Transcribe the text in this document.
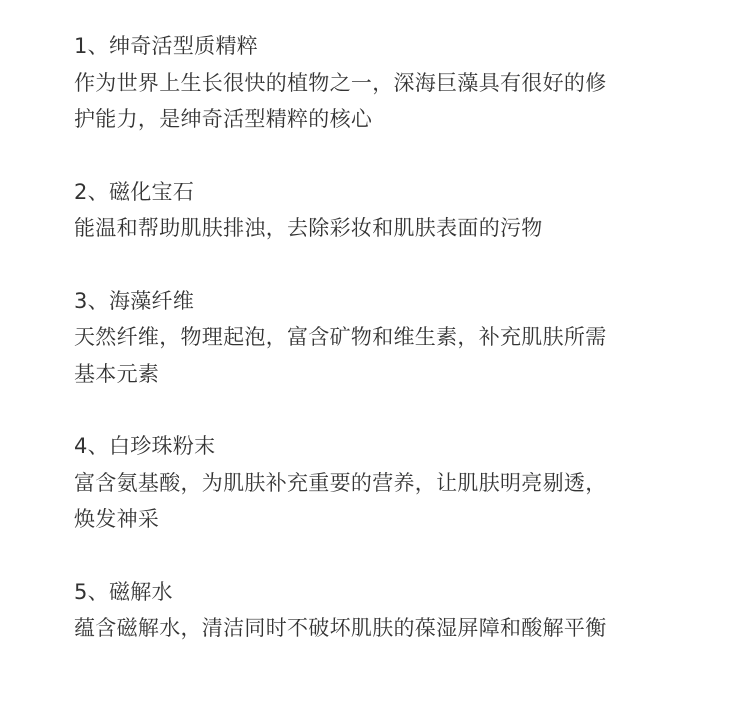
1、绅奇活型质精粹

作为世界上生长很快的植物之一，深海巨藻具有很好的修
护能力，是绅奇活型精粹的核心

2、磁化宝石

能温和帮助肌肤排浊，去除彩妆和肌肤表面的污物

3、海藻纤维

天然纤维，物理起泡，富含矿物和维生素，补充肌肤所需
基本元素

4、白珍珠粉末

富含氨基酸，为肌肤补充重要的营养，让肌肤明亮剔透，
焕发神采

5、磁解水

蕴含磁解水，清洁同时不破坏肌肤的葆湿屏障和酸解平衡
